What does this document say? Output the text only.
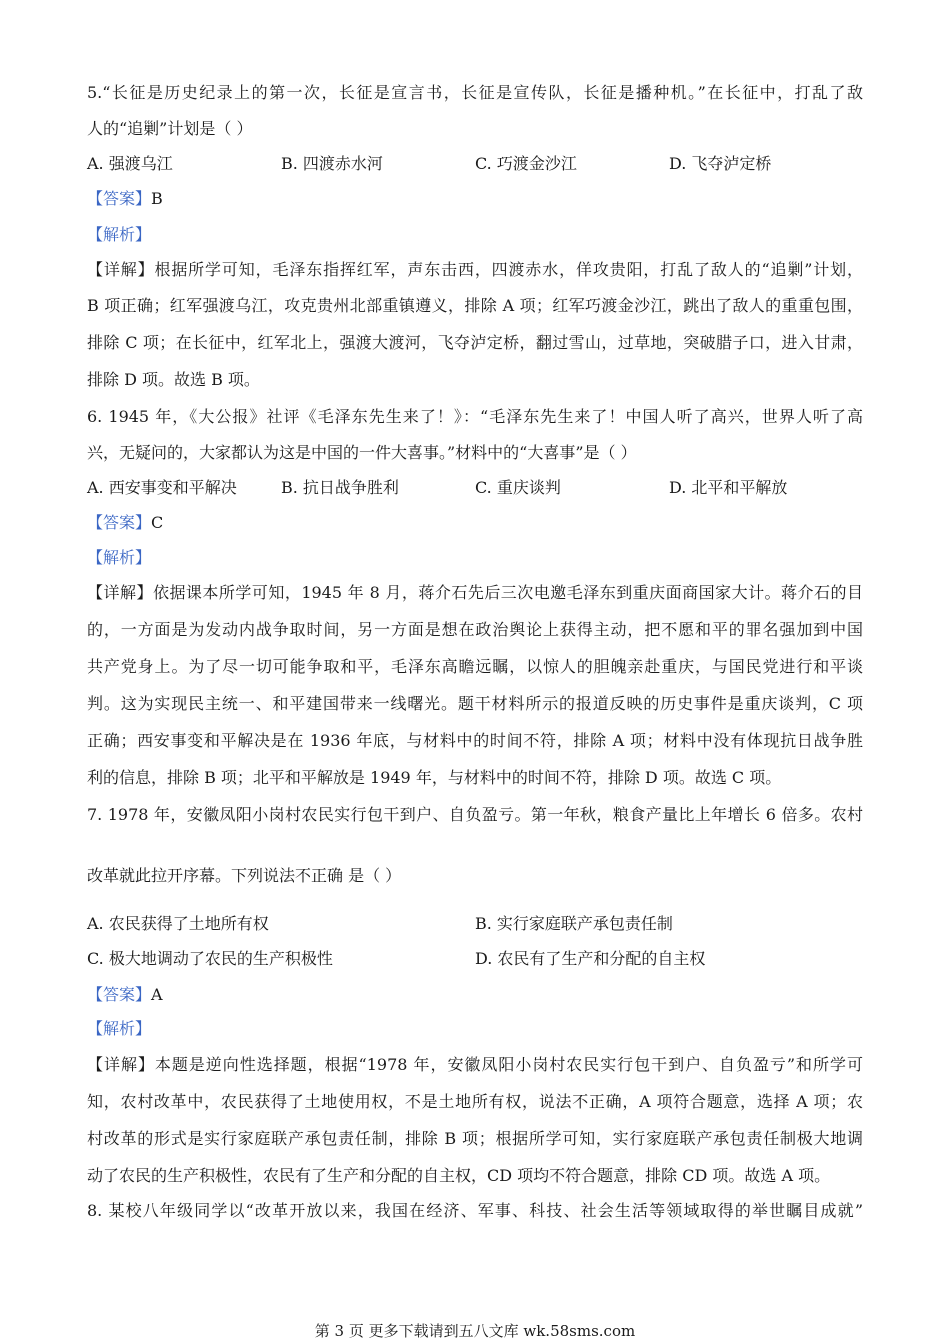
5.“长征是历史纪录上的第一次，长征是宣言书，长征是宣传队，长征是播种机。”在长征中，打乱了敌
人的“追剿”计划是（ ）
A. 强渡乌江	B. 四渡赤水河	C. 巧渡金沙江	D. 飞夺泸定桥
【答案】B
【解析】
【详解】根据所学可知，毛泽东指挥红军，声东击西，四渡赤水，佯攻贵阳，打乱了敌人的“追剿”计划，
B 项正确；红军强渡乌江，攻克贵州北部重镇遵义，排除 A 项；红军巧渡金沙江，跳出了敌人的重重包围，
排除 C 项；在长征中，红军北上，强渡大渡河，飞夺泸定桥，翻过雪山，过草地，突破腊子口，进入甘肃，
排除 D 项。故选 B 项。
6. 1945 年，《大公报》社评《毛泽东先生来了！》：“毛泽东先生来了！中国人听了高兴，世界人听了高
兴，无疑问的，大家都认为这是中国的一件大喜事。”材料中的“大喜事”是（ ）
A. 西安事变和平解决	B. 抗日战争胜利	C. 重庆谈判	D. 北平和平解放
【答案】C
【解析】
【详解】依据课本所学可知，1945 年 8 月，蒋介石先后三次电邀毛泽东到重庆面商国家大计。蒋介石的目
的，一方面是为发动内战争取时间，另一方面是想在政治舆论上获得主动，把不愿和平的罪名强加到中国
共产党身上。为了尽一切可能争取和平，毛泽东高瞻远瞩，以惊人的胆魄亲赴重庆，与国民党进行和平谈
判。这为实现民主统一、和平建国带来一线曙光。题干材料所示的报道反映的历史事件是重庆谈判，C 项
正确；西安事变和平解决是在 1936 年底，与材料中的时间不符，排除 A 项；材料中没有体现抗日战争胜
利的信息，排除 B 项；北平和平解放是 1949 年，与材料中的时间不符，排除 D 项。故选 C 项。
7. 1978 年，安徽凤阳小岗村农民实行包干到户、自负盈亏。第一年秋，粮食产量比上年增长 6 倍多。农村
改革就此拉开序幕。下列说法不正确 是（ ）
A. 农民获得了土地所有权	B. 实行家庭联产承包责任制
C. 极大地调动了农民的生产积极性	D. 农民有了生产和分配的自主权
【答案】A
【解析】
【详解】本题是逆向性选择题，根据“1978 年，安徽凤阳小岗村农民实行包干到户、自负盈亏”和所学可
知，农村改革中，农民获得了土地使用权，不是土地所有权，说法不正确，A 项符合题意，选择 A 项；农
村改革的形式是实行家庭联产承包责任制，排除 B 项；根据所学可知，实行家庭联产承包责任制极大地调
动了农民的生产积极性，农民有了生产和分配的自主权，CD 项均不符合题意，排除 CD 项。故选 A 项。
8. 某校八年级同学以“改革开放以来，我国在经济、军事、科技、社会生活等领域取得的举世瞩目成就”
第 3 页 更多下载请到五八文库 wk.58sms.com
